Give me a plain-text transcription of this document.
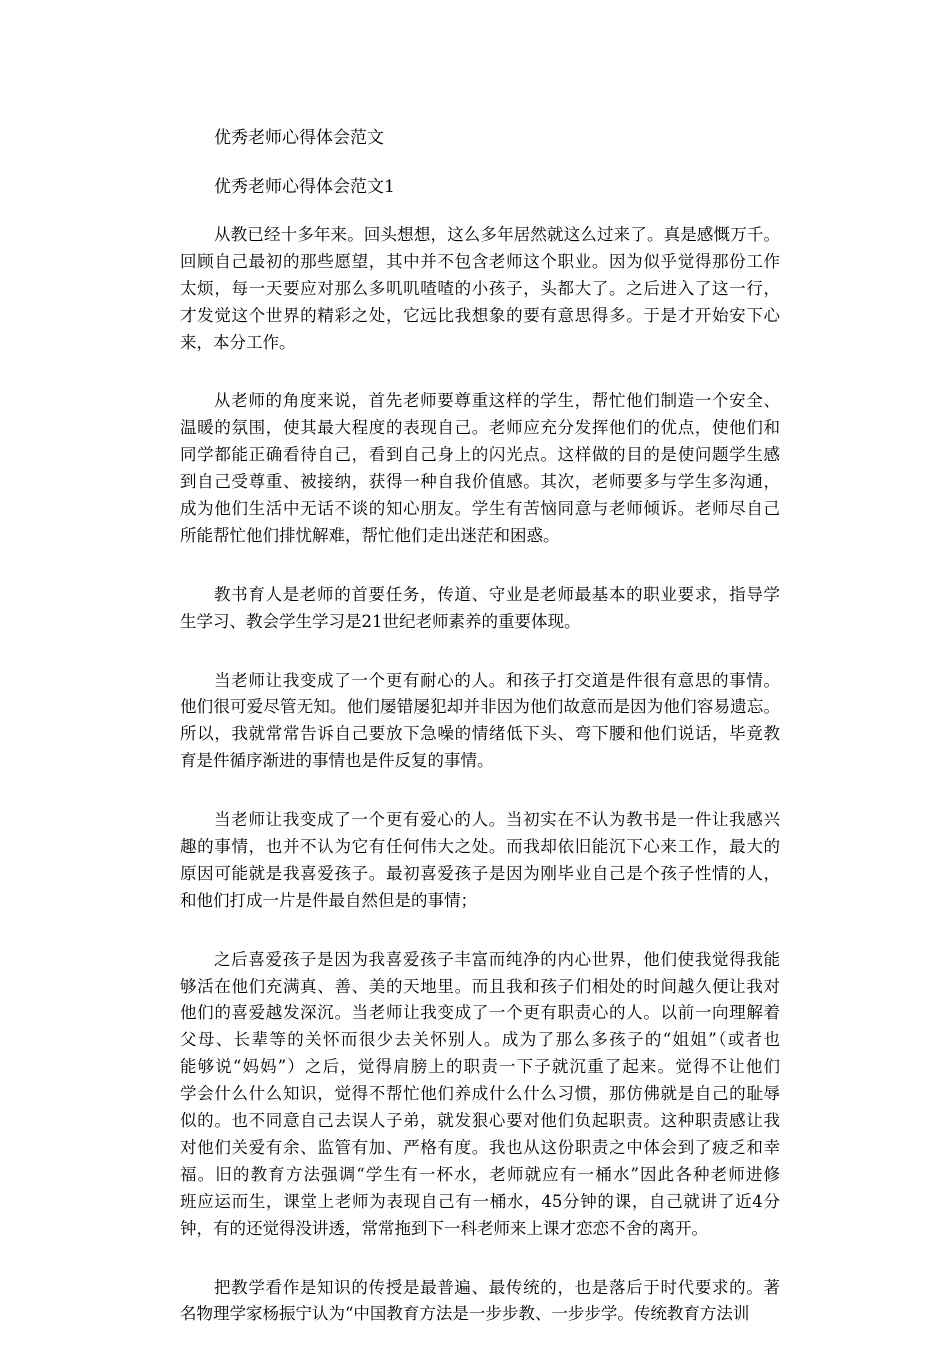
优秀老师心得体会范文
优秀老师心得体会范文1

从教已经十多年来。回头想想，这么多年居然就这么过来了。真是感慨万千。
回顾自己最初的那些愿望，其中并不包含老师这个职业。因为似乎觉得那份工作
太烦，每一天要应对那么多叽叽喳喳的小孩子，头都大了。之后进入了这一行，
才发觉这个世界的精彩之处，它远比我想象的要有意思得多。于是才开始安下心
来，本分工作。

从老师的角度来说，首先老师要尊重这样的学生，帮忙他们制造一个安全、
温暖的氛围，使其最大程度的表现自己。老师应充分发挥他们的优点，使他们和
同学都能正确看待自己，看到自己身上的闪光点。这样做的目的是使问题学生感
到自己受尊重、被接纳，获得一种自我价值感。其次，老师要多与学生多沟通，
成为他们生活中无话不谈的知心朋友。学生有苦恼同意与老师倾诉。老师尽自己
所能帮忙他们排忧解难，帮忙他们走出迷茫和困惑。

教书育人是老师的首要任务，传道、守业是老师最基本的职业要求，指导学
生学习、教会学生学习是21世纪老师素养的重要体现。

当老师让我变成了一个更有耐心的人。和孩子打交道是件很有意思的事情。
他们很可爱尽管无知。他们屡错屡犯却并非因为他们故意而是因为他们容易遗忘。
所以，我就常常告诉自己要放下急噪的情绪低下头、弯下腰和他们说话，毕竟教
育是件循序渐进的事情也是件反复的事情。

当老师让我变成了一个更有爱心的人。当初实在不认为教书是一件让我感兴
趣的事情，也并不认为它有任何伟大之处。而我却依旧能沉下心来工作，最大的
原因可能就是我喜爱孩子。最初喜爱孩子是因为刚毕业自己是个孩子性情的人，
和他们打成一片是件最自然但是的事情；

之后喜爱孩子是因为我喜爱孩子丰富而纯净的内心世界，他们使我觉得我能
够活在他们充满真、善、美的天地里。而且我和孩子们相处的时间越久便让我对
他们的喜爱越发深沉。当老师让我变成了一个更有职责心的人。以前一向理解着
父母、长辈等的关怀而很少去关怀别人。成为了那么多孩子的“姐姐”（或者也
能够说“妈妈”）之后，觉得肩膀上的职责一下子就沉重了起来。觉得不让他们
学会什么什么知识，觉得不帮忙他们养成什么什么习惯，那仿佛就是自己的耻辱
似的。也不同意自己去误人子弟，就发狠心要对他们负起职责。这种职责感让我
对他们关爱有余、监管有加、严格有度。我也从这份职责之中体会到了疲乏和幸
福。旧的教育方法强调“学生有一杯水，老师就应有一桶水”因此各种老师进修
班应运而生，课堂上老师为表现自己有一桶水，45分钟的课，自己就讲了近4分
钟，有的还觉得没讲透，常常拖到下一科老师来上课才恋恋不舍的离开。

把教学看作是知识的传授是最普遍、最传统的，也是落后于时代要求的。著
名物理学家杨振宁认为“中国教育方法是一步步教、一步步学。传统教育方法训
